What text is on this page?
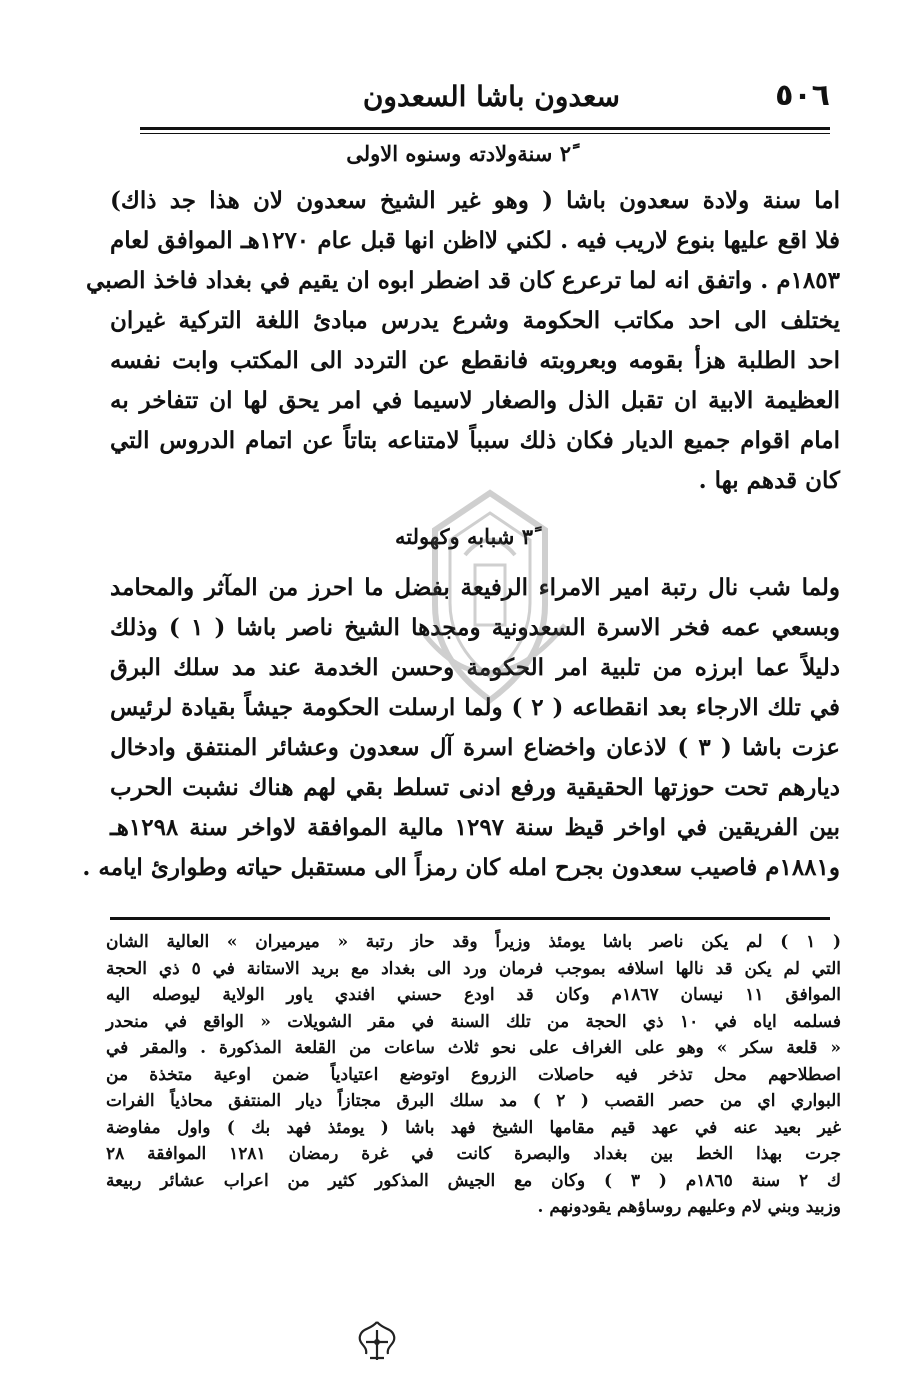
٥٠٦
سعدون باشا السعدون
٢ً سنةولادته وسنوه الاولى
اما سنة ولادة سعدون باشا ( وهو غير الشيخ سعدون لان هذا جد ذاك)
فلا اقع عليها بنوع لاريب فيه . لكني لااظن انها قبل عام ١٢٧٠هـ الموافق لعام
١٨٥٣م . واتفق انه لما ترعرع كان قد اضطر ابوه ان يقيم في بغداد فاخذ الصبي
يختلف الى احد مكاتب الحكومة وشرع يدرس مبادئ اللغة التركية غيران
احد الطلبة هزأ بقومه وبعروبته فانقطع عن التردد الى المكتب وابت نفسه
العظيمة الابية ان تقبل الذل والصغار لاسيما في امر يحق لها ان تتفاخر به
امام اقوام جميع الديار فكان ذلك سبباً لامتناعه بتاتاً عن اتمام الدروس التي
كان قدهم بها .
٣ً شبابه وكهولته
ولما شب نال رتبة امير الامراء الرفيعة بفضل ما احرز من المآثر والمحامد
وبسعي عمه فخر الاسرة السعدونية ومجدها الشيخ ناصر باشا ( ١ ) وذلك
دليلاً عما ابرزه من تلبية امر الحكومة وحسن الخدمة عند مد سلك البرق
في تلك الارجاء بعد انقطاعه ( ٢ ) ولما ارسلت الحكومة جيشاً بقيادة لرئيس
عزت باشا ( ٣ ) لاذعان واخضاع اسرة آل سعدون وعشائر المنتفق وادخال
ديارهم تحت حوزتها الحقيقية ورفع ادنى تسلط بقي لهم هناك نشبت الحرب
بين الفريقين في اواخر قيظ سنة ١٢٩٧ مالية الموافقة لاواخر سنة ١٢٩٨هـ
و١٨٨١م فاصيب سعدون بجرح امله كان رمزاً الى مستقبل حياته وطوارئ ايامه .
( ١ ) لم يكن ناصر باشا يومئذ وزيراً وقد حاز رتبة « ميرميران » العالية الشان
التي لم يكن قد نالها اسلافه بموجب فرمان ورد الى بغداد مع بريد الاستانة في ٥ ذي الحجة
الموافق ١١ نيسان ١٨٦٧م وكان قد اودع حسني افندي ياور الولاية ليوصله اليه
فسلمه اياه في ١٠ ذي الحجة من تلك السنة في مقر الشويلات « الواقع في منحدر
« قلعة سكر » وهو على الغراف على نحو ثلاث ساعات من القلعة المذكورة . والمقر في
اصطلاحهم محل تذخر فيه حاصلات الزروع اوتوضع اعتيادياً ضمن اوعية متخذة من
البواري اي من حصر القصب ( ٢ ) مد سلك البرق مجتازاً ديار المنتفق محاذياً الفرات
غير بعيد عنه في عهد قيم مقامها الشيخ فهد باشا ( يومئذ فهد بك ) واول مفاوضة
جرت بهذا الخط بين بغداد والبصرة كانت في غرة رمضان ١٢٨١ الموافقة ٢٨
ك ٢ سنة ١٨٦٥م ( ٣ ) وكان مع الجيش المذكور كثير من اعراب عشائر ربيعة
وزبيد وبني لام وعليهم روساؤهم يقودونهم .
